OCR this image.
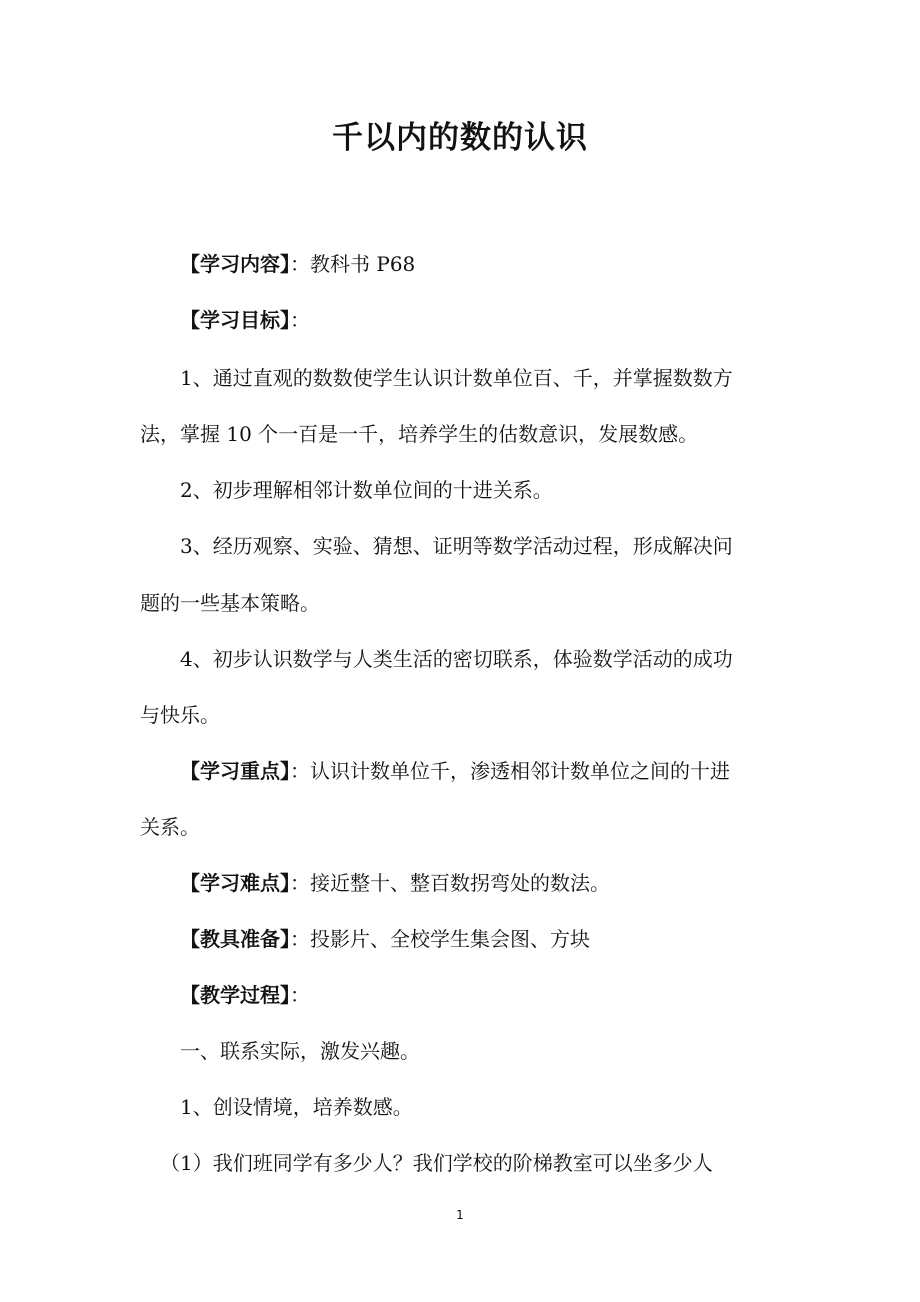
千以内的数的认识
【学习内容】：教科书 P68
【学习目标】：
1、通过直观的数数使学生认识计数单位百、千，并掌握数数方
法，掌握 10 个一百是一千，培养学生的估数意识，发展数感。
2、初步理解相邻计数单位间的十进关系。
3、经历观察、实验、猜想、证明等数学活动过程，形成解决问
题的一些基本策略。
4、初步认识数学与人类生活的密切联系，体验数学活动的成功
与快乐。
【学习重点】：认识计数单位千，渗透相邻计数单位之间的十进
关系。
【学习难点】：接近整十、整百数拐弯处的数法。
【教具准备】：投影片、全校学生集会图、方块
【教学过程】：
一、联系实际，激发兴趣。
1、创设情境，培养数感。
（1）我们班同学有多少人？我们学校的阶梯教室可以坐多少人
1
